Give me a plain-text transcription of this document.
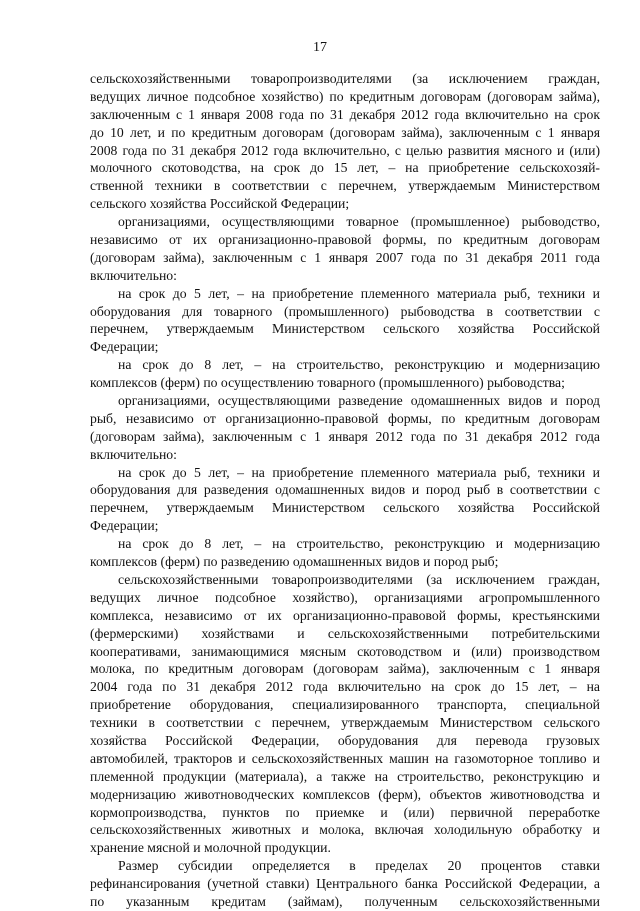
17
сельскохозяйственными товаропроизводителями (за исключением граждан,
ведущих личное подсобное хозяйство) по кредитным договорам (договорам займа),
заключенным с 1 января 2008 года по 31 декабря 2012 года включительно на срок
до 10 лет, и по кредитным договорам (договорам займа), заключенным с 1 января
2008 года по 31 декабря 2012 года включительно, с целью развития мясного и (или)
молочного скотоводства, на срок до 15 лет, – на приобретение сельскохозяй-
ственной техники в соответствии с перечнем, утверждаемым Министерством
сельского хозяйства Российской Федерации;
организациями, осуществляющими товарное (промышленное) рыбоводство,
независимо от их организационно-правовой формы, по кредитным договорам
(договорам займа), заключенным с 1 января 2007 года по 31 декабря 2011 года
включительно:
на срок до 5 лет, – на приобретение племенного материала рыб, техники и
оборудования для товарного (промышленного) рыбоводства в соответствии с
перечнем, утверждаемым Министерством сельского хозяйства Российской
Федерации;
на срок до 8 лет, – на строительство, реконструкцию и модернизацию
комплексов (ферм) по осуществлению товарного (промышленного) рыбоводства;
организациями, осуществляющими разведение одомашненных видов и пород
рыб, независимо от организационно-правовой формы, по кредитным договорам
(договорам займа), заключенным с 1 января 2012 года по 31 декабря 2012 года
включительно:
на срок до 5 лет, – на приобретение племенного материала рыб, техники и
оборудования для разведения одомашненных видов и пород рыб в соответствии с
перечнем, утверждаемым Министерством сельского хозяйства Российской
Федерации;
на срок до 8 лет, – на строительство, реконструкцию и модернизацию
комплексов (ферм) по разведению одомашненных видов и пород рыб;
сельскохозяйственными товаропроизводителями (за исключением граждан,
ведущих личное подсобное хозяйство), организациями агропромышленного
комплекса, независимо от их организационно-правовой формы, крестьянскими
(фермерскими) хозяйствами и сельскохозяйственными потребительскими
кооперативами, занимающимися мясным скотоводством и (или) производством
молока, по кредитным договорам (договорам займа), заключенным с 1 января
2004 года по 31 декабря 2012 года включительно на срок до 15 лет, – на
приобретение оборудования, специализированного транспорта, специальной
техники в соответствии с перечнем, утверждаемым Министерством сельского
хозяйства Российской Федерации, оборудования для перевода грузовых
автомобилей, тракторов и сельскохозяйственных машин на газомоторное топливо и
племенной продукции (материала), а также на строительство, реконструкцию и
модернизацию животноводческих комплексов (ферм), объектов животноводства и
кормопроизводства, пунктов по приемке и (или) первичной переработке
сельскохозяйственных животных и молока, включая холодильную обработку и
хранение мясной и молочной продукции.
Размер субсидии определяется в пределах 20 процентов ставки
рефинансирования (учетной ставки) Центрального банка Российской Федерации, а
по указанным кредитам (займам), полученным сельскохозяйственными
